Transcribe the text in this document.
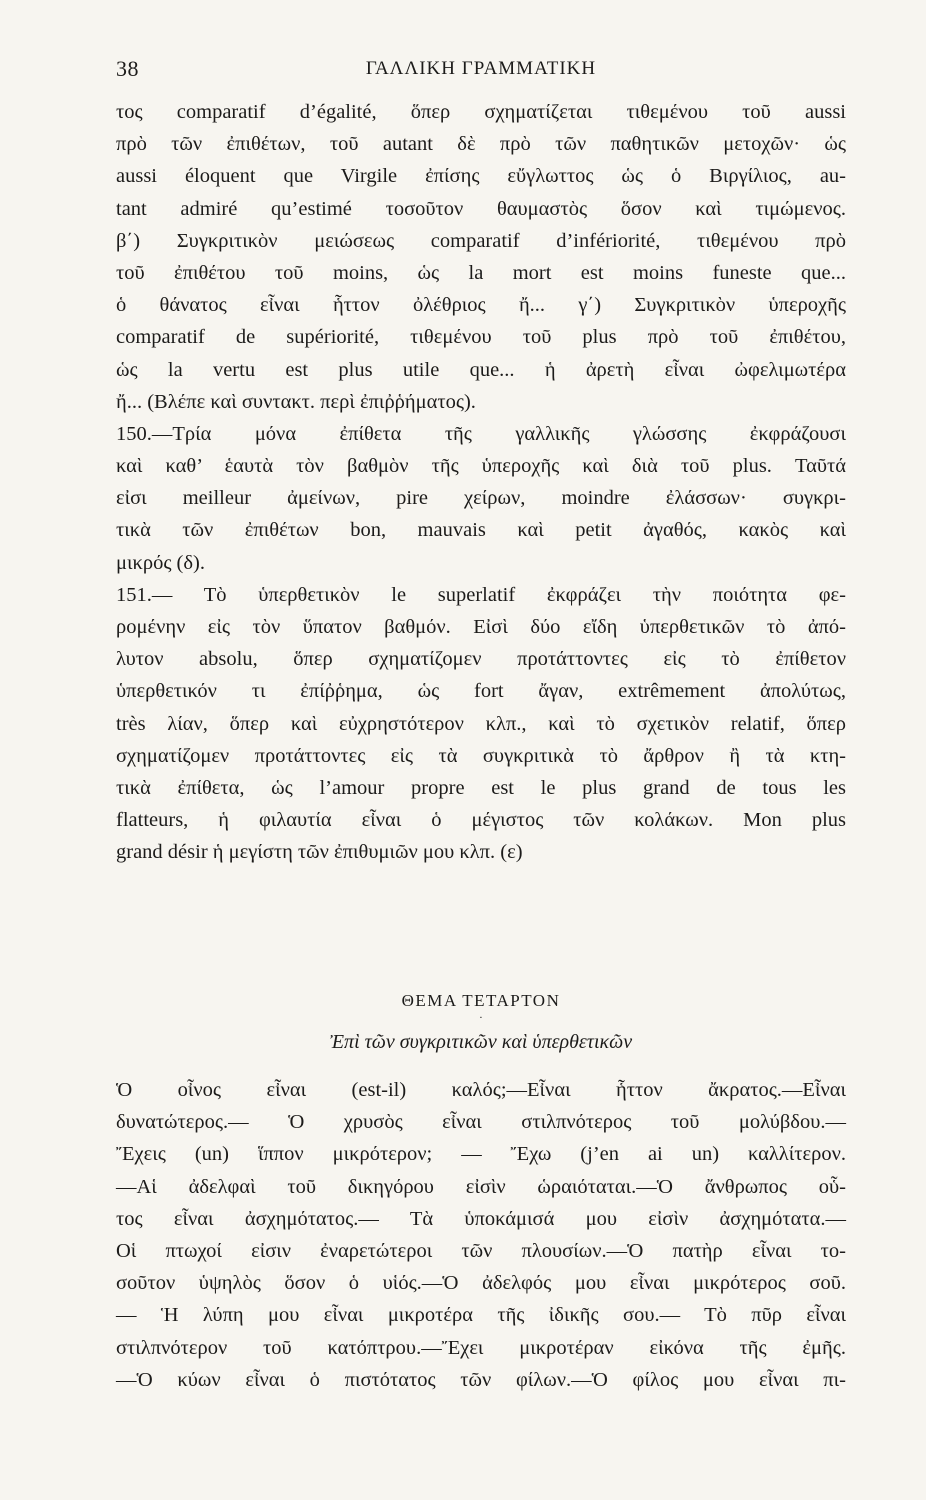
38	ΓΑΛΛΙΚΗ ΓΡΑΜΜΑΤΙΚΗ
τος comparatif d’égalité, ὅπερ σχηματίζεται τιθεμένου τοῦ aussi
πρὸ τῶν ἐπιθέτων, τοῦ autant δὲ πρὸ τῶν παθητικῶν μετοχῶν· ὡς
aussi éloquent que Virgile ἐπίσης εὔγλωττος ὡς ὁ Βιργίλιος, au-
tant admiré qu’estimé τοσοῦτον θαυμαστὸς ὅσον καὶ τιμώμενος.
β΄) Συγκριτικὸν μειώσεως comparatif d’infériorité, τιθεμένου πρὸ
τοῦ ἐπιθέτου τοῦ moins, ὡς la mort est moins funeste que...
ὁ θάνατος εἶναι ἧττον ὀλέθριος ἤ... γ΄) Συγκριτικὸν ὑπεροχῆς
comparatif de supériorité, τιθεμένου τοῦ plus πρὸ τοῦ ἐπιθέτου,
ὡς la vertu est plus utile que... ἡ ἀρετὴ εἶναι ὠφελιμωτέρα
ἤ... (Βλέπε καὶ συντακτ. περὶ ἐπιῤῥήματος).
150.—Τρία μόνα ἐπίθετα τῆς γαλλικῆς γλώσσης ἐκφράζουσι
καὶ καθ’ ἑαυτὰ τὸν βαθμὸν τῆς ὑπεροχῆς καὶ διὰ τοῦ plus. Ταῦτά
εἰσι meilleur ἀμείνων, pire χείρων, moindre ἐλάσσων· συγκρι-
τικὰ τῶν ἐπιθέτων bon, mauvais καὶ petit ἀγαθός, κακὸς καὶ
μικρός (δ).
151.— Τὸ ὑπερθετικὸν le superlatif ἐκφράζει τὴν ποιότητα φε-
ρομένην εἰς τὸν ὕπατον βαθμόν. Εἰσὶ δύο εἴδη ὑπερθετικῶν τὸ ἀπό-
λυτον absolu, ὅπερ σχηματίζομεν προτάττοντες εἰς τὸ ἐπίθετον
ὑπερθετικόν τι ἐπίῤῥημα, ὡς fort ἄγαν, extrêmement ἀπολύτως,
très λίαν, ὅπερ καὶ εὐχρηστότερον κλπ., καὶ τὸ σχετικὸν relatif, ὅπερ
σχηματίζομεν προτάττοντες εἰς τὰ συγκριτικὰ τὸ ἄρθρον ἢ τὰ κτη-
τικὰ ἐπίθετα, ὡς l’amour propre est le plus grand de tous les
flatteurs, ἡ φιλαυτία εἶναι ὁ μέγιστος τῶν κολάκων. Mon plus
grand désir ἡ μεγίστη τῶν ἐπιθυμιῶν μου κλπ. (ε)
ΘΕΜΑ ΤΕΤΑΡΤΟΝ
·
Ἐπὶ τῶν συγκριτικῶν καὶ ὑπερθετικῶν
Ὁ οἶνος εἶναι (est-il) καλός;—Εἶναι ἧττον ἄκρατος.—Εἶναι
δυνατώτερος.— Ὁ χρυσὸς εἶναι στιλπνότερος τοῦ μολύβδου.—
Ἔχεις (un) ἵππον μικρότερον; — Ἔχω (j’en ai un) καλλίτερον.
—Αἱ ἀδελφαὶ τοῦ δικηγόρου εἰσὶν ὡραιόταται.—Ὁ ἄνθρωπος οὗ-
τος εἶναι ἀσχημότατος.— Τὰ ὑποκάμισά μου εἰσὶν ἀσχημότατα.—
Οἱ πτωχοί εἰσιν ἐναρετώτεροι τῶν πλουσίων.—Ὁ πατὴρ εἶναι το-
σοῦτον ὑψηλὸς ὅσον ὁ υἱός.—Ὁ ἀδελφός μου εἶναι μικρότερος σοῦ.
— Ἡ λύπη μου εἶναι μικροτέρα τῆς ἰδικῆς σου.— Τὸ πῦρ εἶναι
στιλπνότερον τοῦ κατόπτρου.—Ἔχει μικροτέραν εἰκόνα τῆς ἐμῆς.
—Ὁ κύων εἶναι ὁ πιστότατος τῶν φίλων.—Ὁ φίλος μου εἶναι πι-
